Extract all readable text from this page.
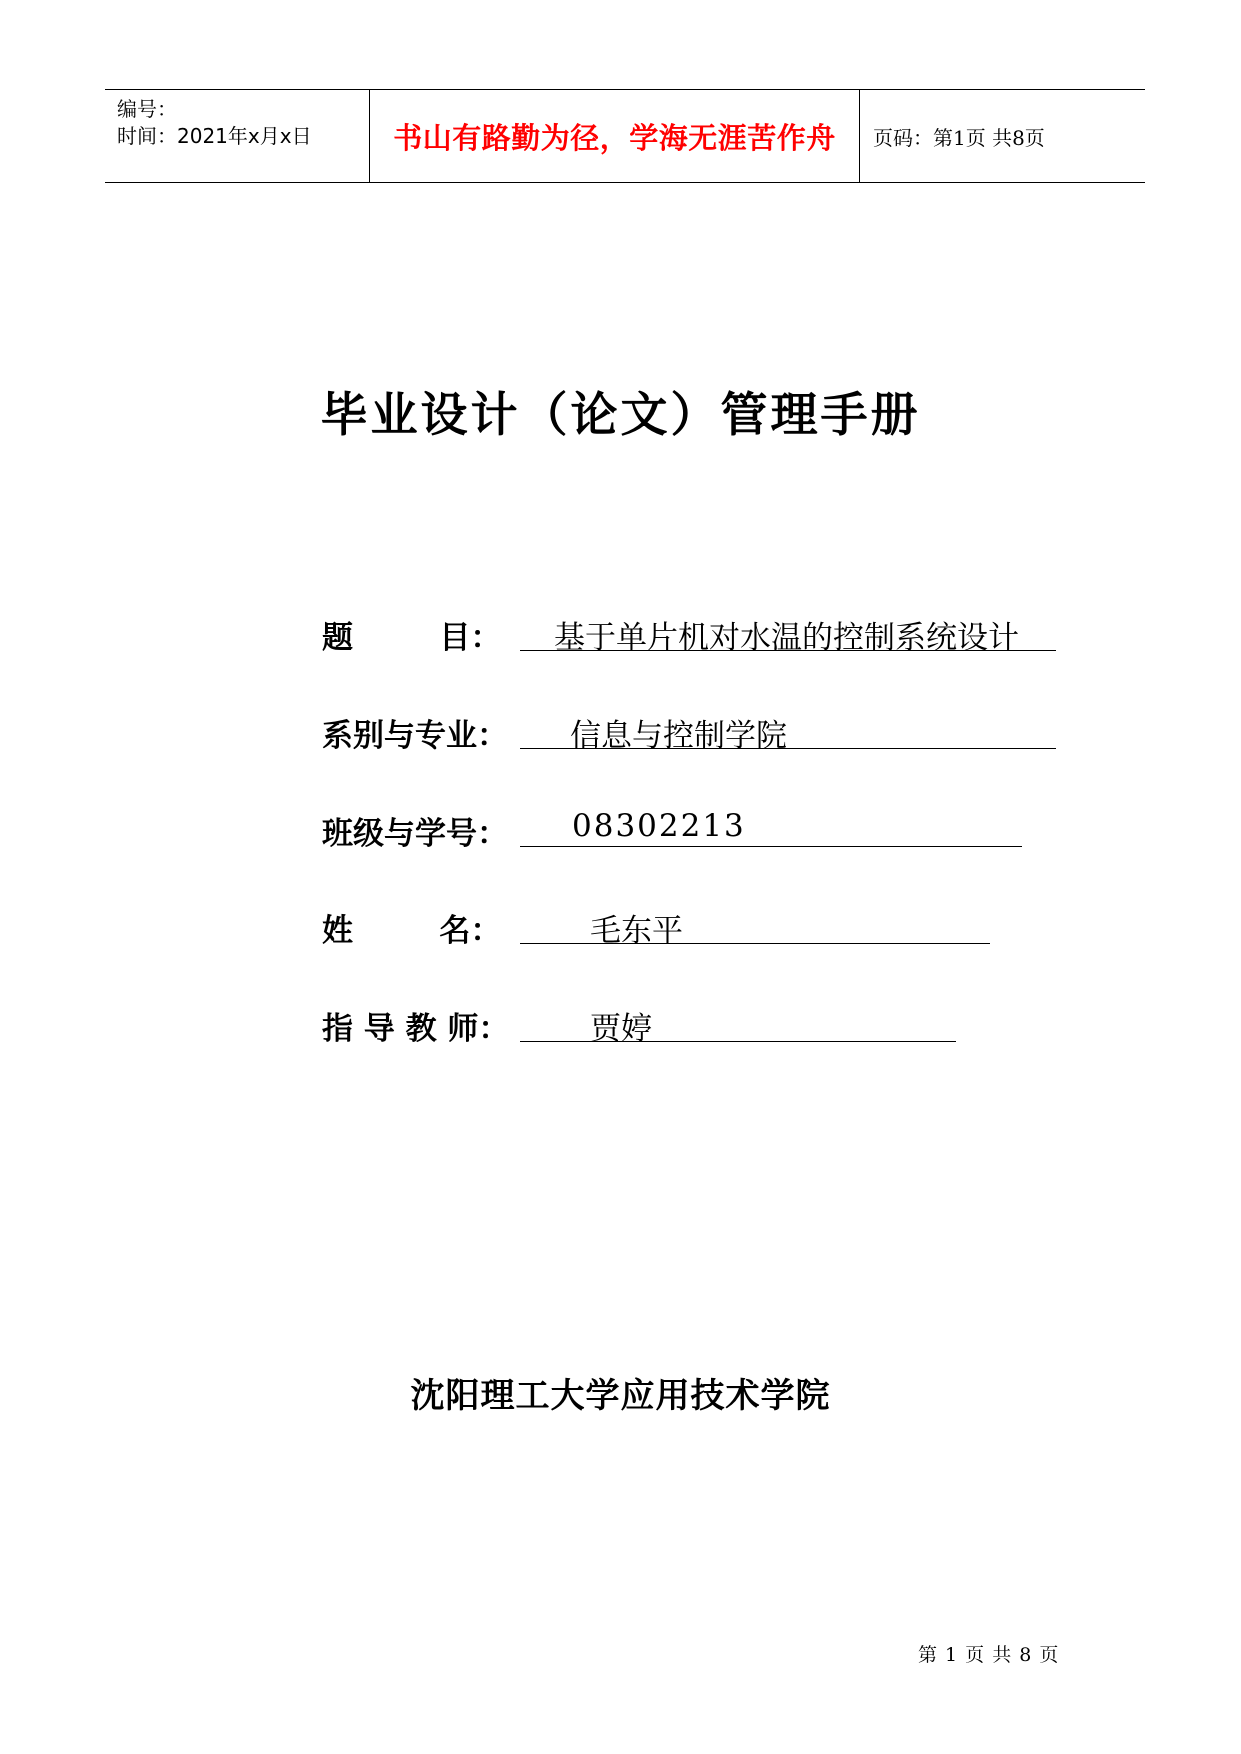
编号：
时间：2021年x月x日	书山有路勤为径，学海无涯苦作舟 页码：第1页 共8页
毕业设计（论文）管理手册
题        目： 基于单片机对水温的控制系统设计
系别与专业： 信息与控制学院
班级与学号： 08302213
姓        名：	毛东平
指 导 教 师：	贾婷
沈阳理工大学应用技术学院
第 1 页 共 8 页
